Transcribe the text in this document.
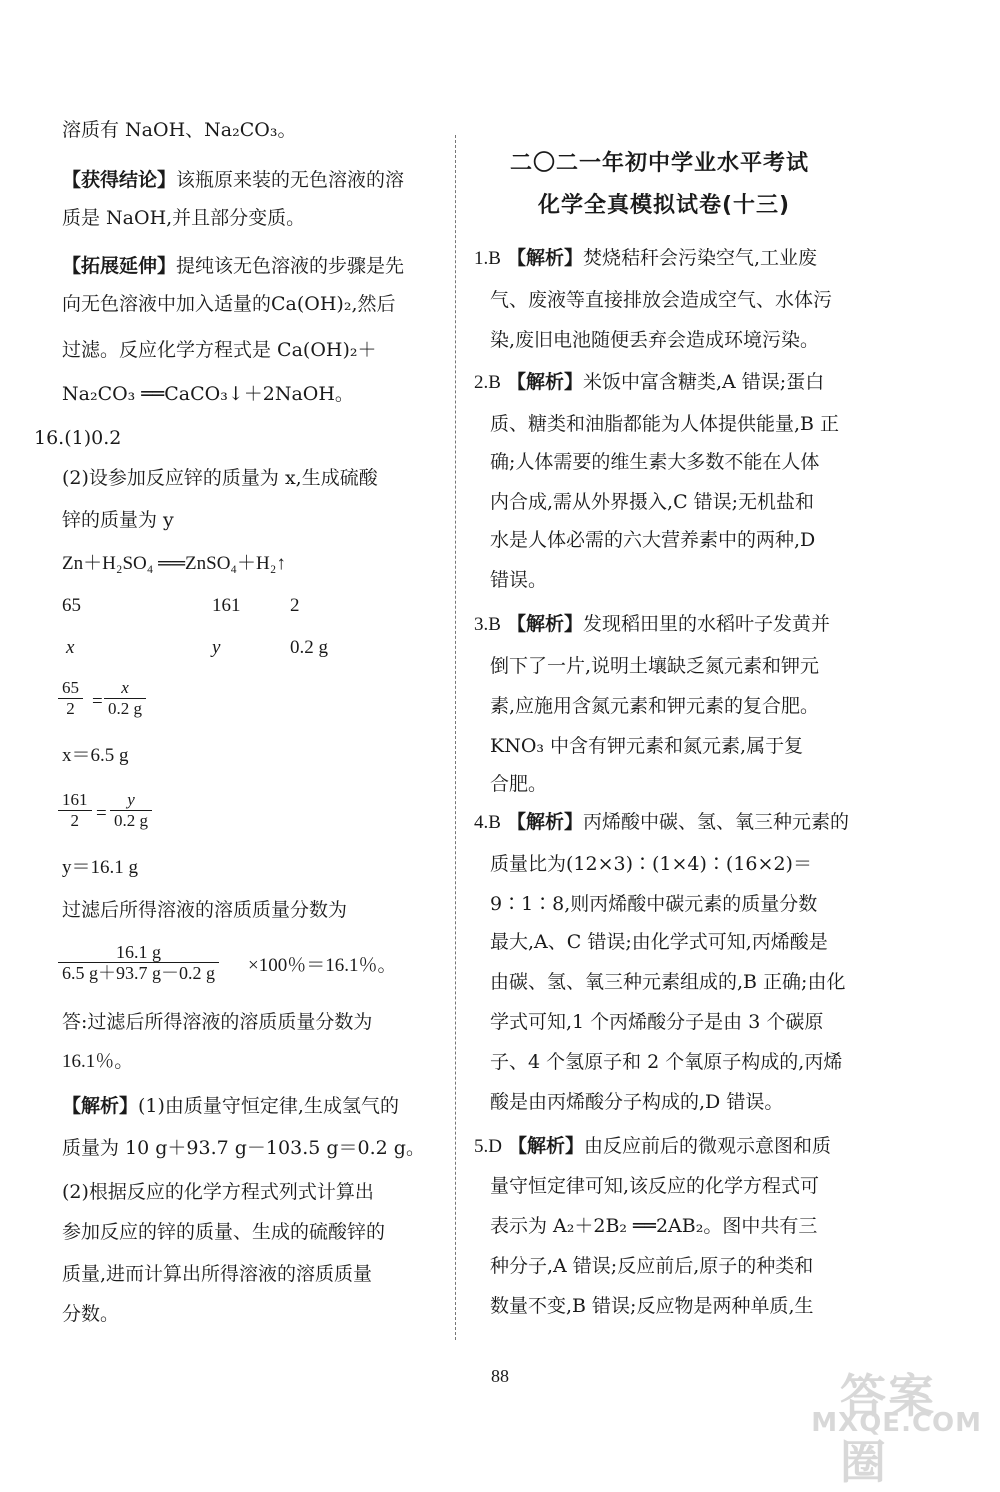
溶质有 NaOH、Na₂CO₃。
【获得结论】该瓶原来装的无色溶液的溶
质是 NaOH,并且部分变质。
【拓展延伸】提纯该无色溶液的步骤是先
向无色溶液中加入适量的Ca(OH)₂,然后
过滤。反应化学方程式是 Ca(OH)₂＋
Na₂CO₃ ══CaCO₃↓＋2NaOH。
16.(1)0.2
(2)设参加反应锌的质量为 x,生成硫酸
锌的质量为 y
Zn＋H₂SO₄ ══ZnSO₄＋H₂↑
65	161	2
x	y	0.2 g
$\frac{65}{2} = \frac{x}{0.2 g}$
x＝6.5 g
$\frac{161}{2} = \frac{y}{0.2 g}$
y＝16.1 g
过滤后所得溶液的溶质质量分数为
$\frac{16.1 g}{6.5 g+93.7 g-0.2 g} \times 100$％＝16.1％。
答:过滤后所得溶液的溶质质量分数为
16.1％。
【解析】(1)由质量守恒定律,生成氢气的
质量为 10 g＋93.7 g－103.5 g＝0.2 g。
(2)根据反应的化学方程式列式计算出
参加反应的锌的质量、生成的硫酸锌的
质量,进而计算出所得溶液的溶质质量
分数。
二〇二一年初中学业水平考试
化学全真模拟试卷(十三)
1.B 【解析】焚烧秸秆会污染空气,工业废
气、废液等直接排放会造成空气、水体污
染,废旧电池随便丢弃会造成环境污染。
2.B 【解析】米饭中富含糖类,A 错误;蛋白
质、糖类和油脂都能为人体提供能量,B 正
确;人体需要的维生素大多数不能在人体
内合成,需从外界摄入,C 错误;无机盐和
水是人体必需的六大营养素中的两种,D
错误。
3.B 【解析】发现稻田里的水稻叶子发黄并
倒下了一片,说明土壤缺乏氮元素和钾元
素,应施用含氮元素和钾元素的复合肥。
KNO₃ 中含有钾元素和氮元素,属于复
合肥。
4.B 【解析】丙烯酸中碳、氢、氧三种元素的
质量比为(12×3)∶(1×4)∶(16×2)＝
9∶1∶8,则丙烯酸中碳元素的质量分数
最大,A、C 错误;由化学式可知,丙烯酸是
由碳、氢、氧三种元素组成的,B 正确;由化
学式可知,1 个丙烯酸分子是由 3 个碳原
子、4 个氢原子和 2 个氧原子构成的,丙烯
酸是由丙烯酸分子构成的,D 错误。
5.D 【解析】由反应前后的微观示意图和质
量守恒定律可知,该反应的化学方程式可
表示为 A₂＋2B₂ ══2AB₂。图中共有三
种分子,A 错误;反应前后,原子的种类和
数量不变,B 错误;反应物是两种单质,生
88	答案圈
MXQE.COM
